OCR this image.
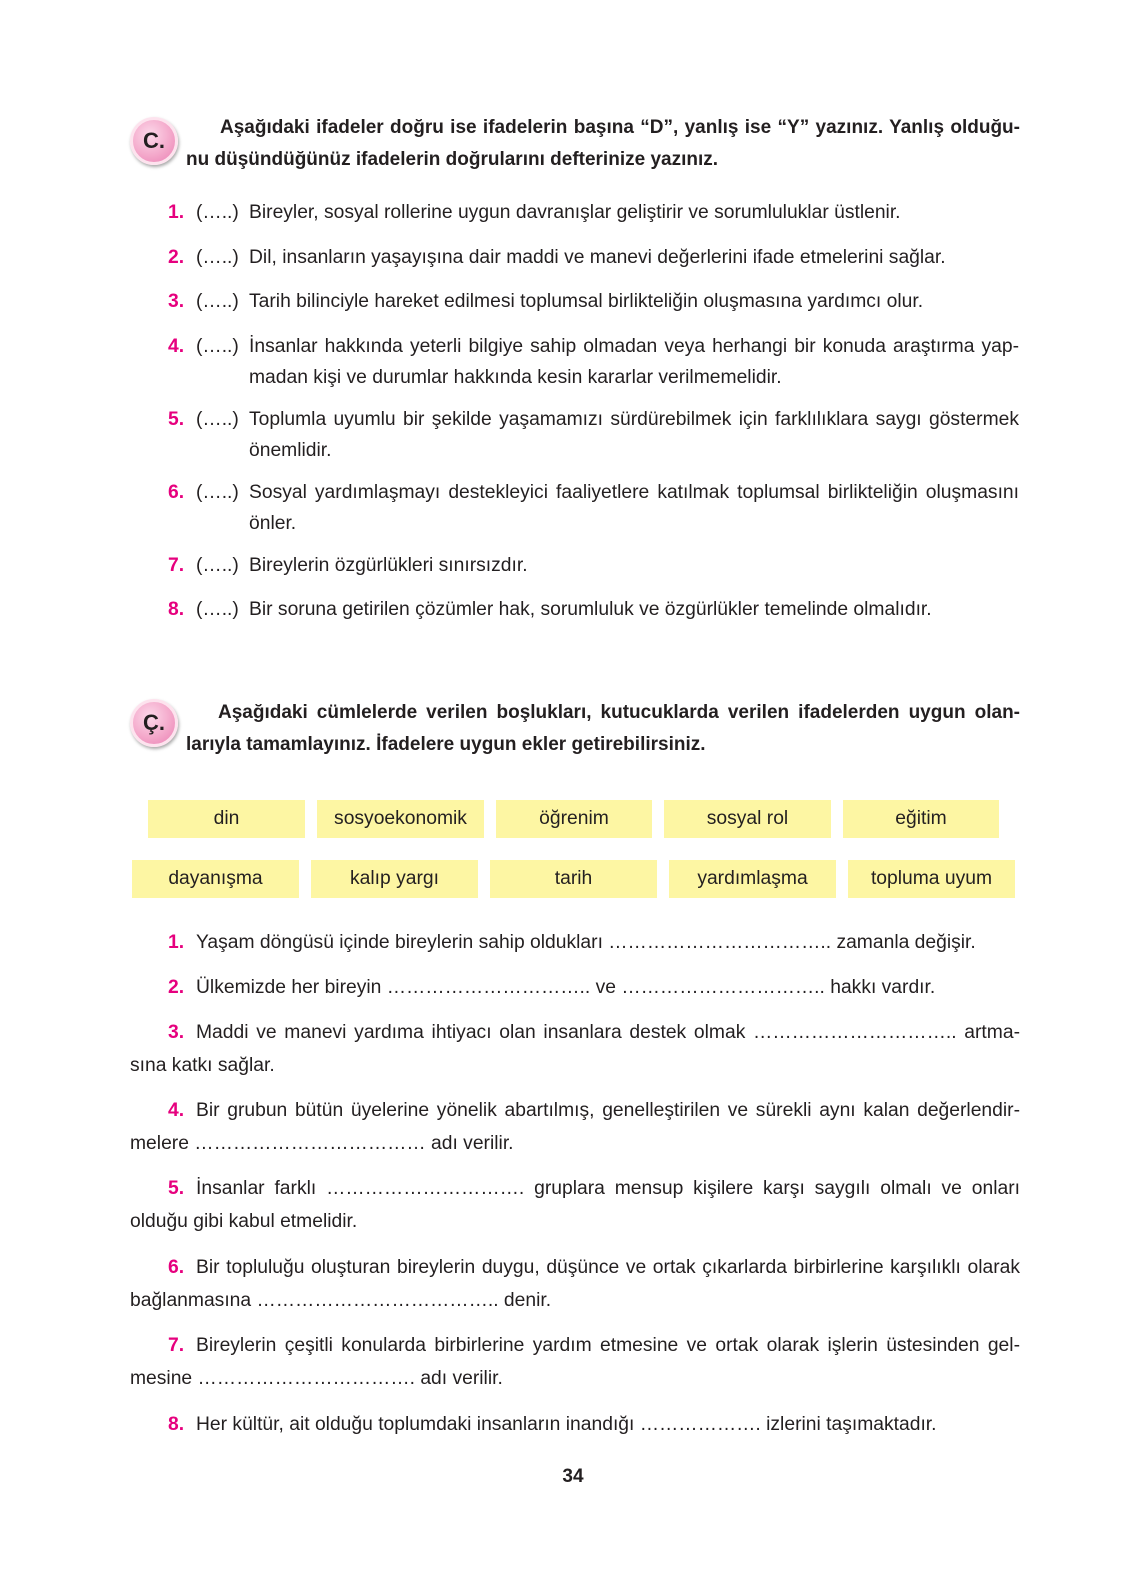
C.
Aşağıdaki ifadeler doğru ise ifadelerin başına “D”, yanlış ise “Y” yazınız. Yanlış olduğu-
nu düşündüğünüz ifadelerin doğrularını defterinize yazınız.
1. (…..) Bireyler, sosyal rollerine uygun davranışlar geliştirir ve sorumluluklar üstlenir.
2. (…..) Dil, insanların yaşayışına dair maddi ve manevi değerlerini ifade etmelerini sağlar.
3. (…..) Tarih bilinciyle hareket edilmesi toplumsal birlikteliğin oluşmasına yardımcı olur.
4. (…..) İnsanlar hakkında yeterli bilgiye sahip olmadan veya herhangi bir konuda araştırma yap-
madan kişi ve durumlar hakkında kesin kararlar verilmemelidir.
5. (…..) Toplumla uyumlu bir şekilde yaşamamızı sürdürebilmek için farklılıklara saygı göstermek
önemlidir.
6. (…..) Sosyal yardımlaşmayı destekleyici faaliyetlere katılmak toplumsal birlikteliğin oluşmasını
önler.
7. (…..) Bireylerin özgürlükleri sınırsızdır.
8. (…..) Bir soruna getirilen çözümler hak, sorumluluk ve özgürlükler temelinde olmalıdır.
Ç.	Aşağıdaki cümlelerde verilen boşlukları, kutucuklarda verilen ifadelerden uygun olan-
larıyla tamamlayınız. İfadelere uygun ekler getirebilirsiniz.
din	sosyoekonomik	öğrenim	sosyal rol	eğitim
dayanışma	kalıp yargı	tarih	yardımlaşma	topluma uyum
1. Yaşam döngüsü içinde bireylerin sahip oldukları …………………………….. zamanla değişir.
2. Ülkemizde her bireyin ………………………….. ve ………………………….. hakkı vardır.
3. Maddi ve manevi yardıma ihtiyacı olan insanlara destek olmak ………………………….. artma-
sına katkı sağlar.
4. Bir grubun bütün üyelerine yönelik abartılmış, genelleştirilen ve sürekli aynı kalan değerlendir-
melere ……………………………… adı verilir.
5. İnsanlar farklı …………………………. gruplara mensup kişilere karşı saygılı olmalı ve onları
olduğu gibi kabul etmelidir.
6. Bir topluluğu oluşturan bireylerin duygu, düşünce ve ortak çıkarlarda birbirlerine karşılıklı olarak
bağlanmasına ……………………………….. denir.
7. Bireylerin çeşitli konularda birbirlerine yardım etmesine ve ortak olarak işlerin üstesinden gel-
mesine ……………………………. adı verilir.
8. Her kültür, ait olduğu toplumdaki insanların inandığı ………………. izlerini taşımaktadır.
34
